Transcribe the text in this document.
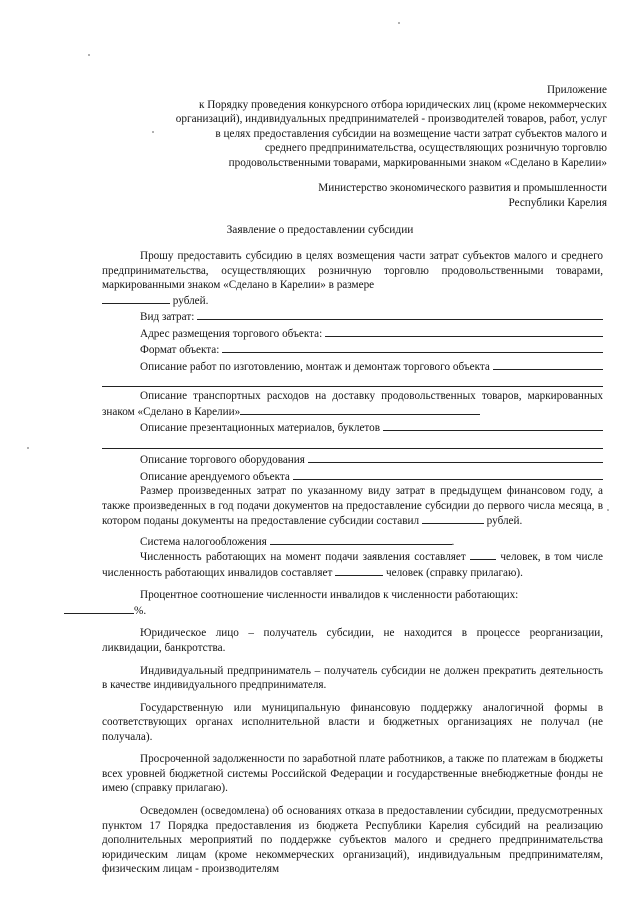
Приложение
к Порядку проведения конкурсного отбора юридических лиц (кроме некоммерческих
организаций), индивидуальных предпринимателей - производителей товаров, работ, услуг
в целях предоставления субсидии на возмещение части затрат субъектов малого и
среднего предпринимательства, осуществляющих розничную торговлю
продовольственными товарами, маркированными знаком «Сделано в Карелии»
Министерство экономического развития и промышленности
Республики Карелия
Заявление о предоставлении субсидии

Прошу предоставить субсидию в целях возмещения части затрат субъектов малого и среднего предпринимательства, осуществляющих розничную торговлю продовольственными товарами, маркированными знаком «Сделано в Карелии» в размере
рублей.

Вид затрат:
Адрес размещения торгового объекта:
Формат объекта:
Описание работ по изготовлению, монтаж и демонтаж торгового объекта

Описание транспортных расходов на доставку продовольственных товаров, маркированных знаком «Сделано в Карелии»

Описание презентационных материалов, буклетов
Описание торгового оборудования
Описание арендуемого объекта

Размер произведенных затрат по указанному виду затрат в предыдущем финансовом году, а также произведенных в год подачи документов на предоставление субсидии до первого числа месяца, в котором поданы документы на предоставление субсидии составил	рублей.

Система налогообложения
	.

Численность работающих на момент подачи заявления составляет	человек, в том числе численность работающих инвалидов составляет	человек (справку прилагаю).

Процентное соотношение численности инвалидов к численности работающих:
%.

Юридическое лицо – получатель субсидии, не находится в процессе реорганизации, ликвидации, банкротства.

Индивидуальный предприниматель – получатель субсидии не должен прекратить деятельность в качестве индивидуального предпринимателя.

Государственную или муниципальную финансовую поддержку аналогичной формы в соответствующих органах исполнительной власти и бюджетных организациях не получал (не получала).

Просроченной задолженности по заработной плате работников, а также по платежам в бюджеты всех уровней бюджетной системы Российской Федерации и государственные внебюджетные фонды не имею (справку прилагаю).

Осведомлен (осведомлена) об основаниях отказа в предоставлении субсидии, предусмотренных пунктом 17 Порядка предоставления из бюджета Республики Карелия субсидий на реализацию дополнительных мероприятий по поддержке субъектов малого и среднего предпринимательства юридическим лицам (кроме некоммерческих организаций), индивидуальным предпринимателям, физическим лицам - производителям
